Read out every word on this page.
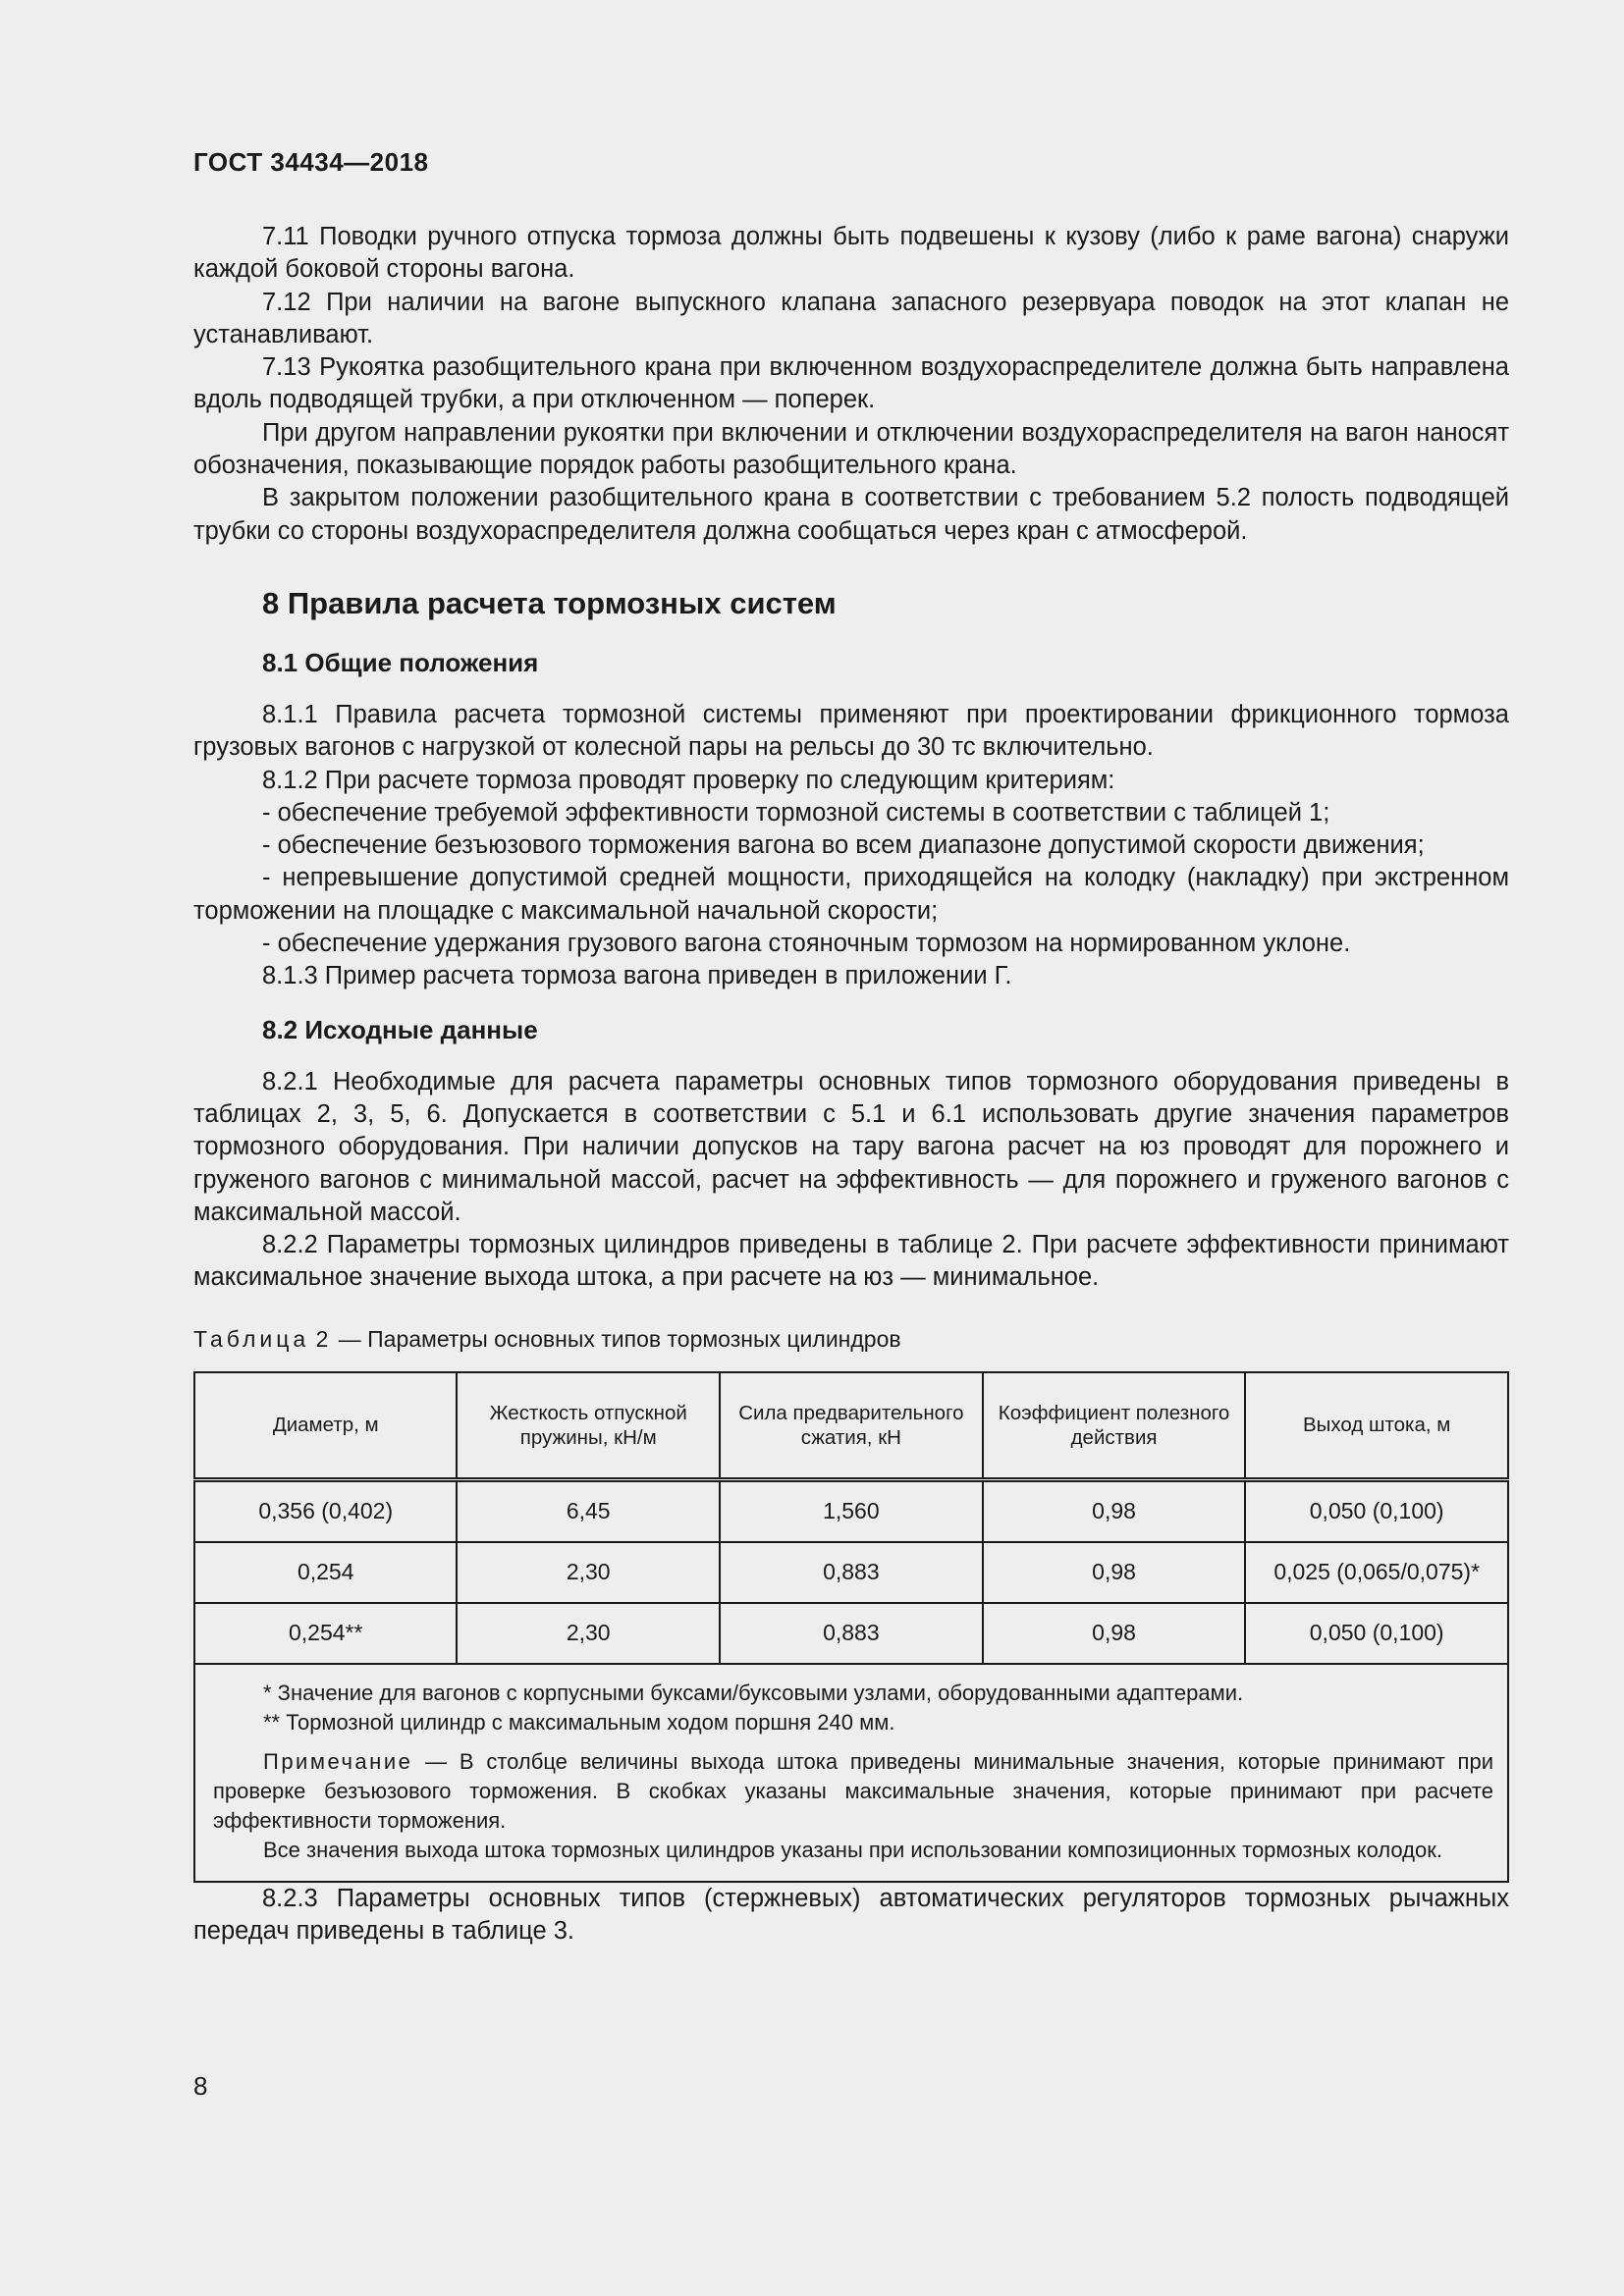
ГОСТ 34434—2018

7.11 Поводки ручного отпуска тормоза должны быть подвешены к кузову (либо к раме вагона) снаружи каждой боковой стороны вагона.

7.12 При наличии на вагоне выпускного клапана запасного резервуара поводок на этот клапан не устанавливают.

7.13 Рукоятка разобщительного крана при включенном воздухораспределителе должна быть направлена вдоль подводящей трубки, а при отключенном — поперек.

При другом направлении рукоятки при включении и отключении воздухораспределителя на вагон наносят обозначения, показывающие порядок работы разобщительного крана.

В закрытом положении разобщительного крана в соответствии с требованием 5.2 полость подводящей трубки со стороны воздухораспределителя должна сообщаться через кран с атмосферой.

8 Правила расчета тормозных систем
8.1 Общие положения

8.1.1 Правила расчета тормозной системы применяют при проектировании фрикционного тормоза грузовых вагонов с нагрузкой от колесной пары на рельсы до 30 тс включительно.

8.1.2 При расчете тормоза проводят проверку по следующим критериям:

- обеспечение требуемой эффективности тормозной системы в соответствии с таблицей 1;

- обеспечение безъюзового торможения вагона во всем диапазоне допустимой скорости движения;

- непревышение допустимой средней мощности, приходящейся на колодку (накладку) при экстренном торможении на площадке с максимальной начальной скорости;

- обеспечение удержания грузового вагона стояночным тормозом на нормированном уклоне.

8.1.3 Пример расчета тормоза вагона приведен в приложении Г.

8.2 Исходные данные

8.2.1 Необходимые для расчета параметры основных типов тормозного оборудования приведены в таблицах 2, 3, 5, 6. Допускается в соответствии с 5.1 и 6.1 использовать другие значения параметров тормозного оборудования. При наличии допусков на тару вагона расчет на юз проводят для порожнего и груженого вагонов с минимальной массой, расчет на эффективность — для порожнего и груженого вагонов с максимальной массой.

8.2.2 Параметры тормозных цилиндров приведены в таблице 2. При расчете эффективности принимают максимальное значение выхода штока, а при расчете на юз — минимальное.

Таблица 2 — Параметры основных типов тормозных цилиндров
Диаметр, м	Жесткость отпускной пружины, кН/м	Сила предварительного сжатия, кН	Коэффициент полезного действия	Выход штока, м
0,356 (0,402)	6,45	1,560	0,98	0,050 (0,100)
0,254	2,30	0,883	0,98	0,025 (0,065/0,075)*
0,254**	2,30	0,883	0,98	0,050 (0,100)

* Значение для вагонов с корпусными буксами/буксовыми узлами, оборудованными адаптерами.

** Тормозной цилиндр с максимальным ходом поршня 240 мм.

Примечание — В столбце величины выхода штока приведены минимальные значения, которые принимают при проверке безъюзового торможения. В скобках указаны максимальные значения, которые принимают при расчете эффективности торможения.

Все значения выхода штока тормозных цилиндров указаны при использовании композиционных тормозных колодок.				

8.2.3 Параметры основных типов (стержневых) автоматических регуляторов тормозных рычажных передач приведены в таблице 3.

8
